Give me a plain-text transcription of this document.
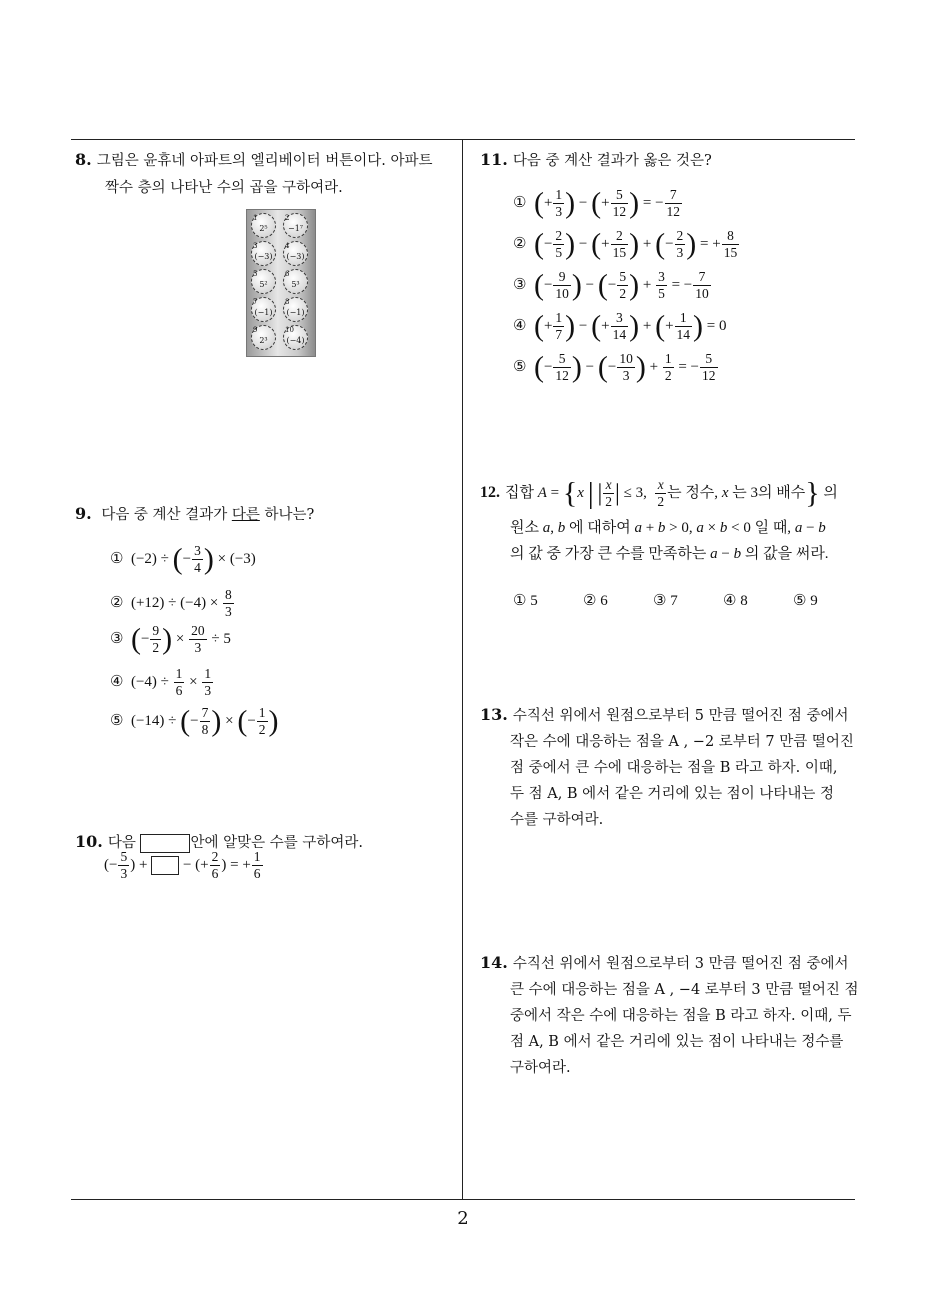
8. 그림은 윤휴네 아파트의 엘리베이터 버튼이다. 아파트
짝수 층의 나타난 수의 곱을 구하여라.
1
2⁵
2
−1⁷
3
(−3)
4
(−3)
5
5²
6
5³
7
(−1)
8
(−1)
9
2³
10
(−4)
9. 다음 중 계산 결과가 다른 하나는?
①  (−2) ÷ (− $\frac{3}{4}$ ) × (−3)
②  $(+12) \div (-4) \times \frac{8}{3}$
③ (− $\frac{9}{2}$ ) × $\frac{20}{3} \div 5$
④  $(-4) \div \frac{1}{6} \times \frac{1}{3}$
⑤  (−14) ÷ (− $\frac{7}{8}$ ) × (− $\frac{1}{2}$ )
10. 다음	안에 알맞은 수를 구하여라.
(− $\frac{5}{3}$ ) +  − (+ $\frac{2}{6}$ ) = + $\frac{1}{6}$
11. 다음 중 계산 결과가 옳은 것은?
① (+ $\frac{1}{3}$ ) − (+ $\frac{5}{12}$ ) = − $\frac{7}{12}$
② (− $\frac{2}{5}$ ) − (+ $\frac{2}{15}$ ) + (− $\frac{2}{3}$ ) = + $\frac{8}{15}$
③ (− $\frac{9}{10}$ ) − (− $\frac{5}{2}$ ) + $\frac{3}{5}$ = − $\frac{7}{10}$
④ (+ $\frac{1}{7}$ ) − (+ $\frac{3}{14}$ ) + (+ $\frac{1}{14}$ ) = 0
⑤ (− $\frac{5}{12}$ ) − (− $\frac{10}{3}$ ) + $\frac{1}{2}$ = − $\frac{5}{12}$
12. 집합 A = {x | | $\frac{x}{2}$ | ≤ 3, $\frac{x}{2}$ 는 정수, x 는 3의 배수} 의
원소 a, b 에 대하여 a + b > 0, a × b < 0 일 때, a − b
의 값 중 가장 큰 수를 만족하는 a − b 의 값을 써라.
① 5	② 6	③ 7	④ 8	⑤ 9
13. 수직선 위에서 원점으로부터 5 만큼 떨어진 점 중에서
작은 수에 대응하는 점을 A , −2 로부터 7 만큼 떨어진
점 중에서 큰 수에 대응하는 점을 B 라고 하자. 이때,
두 점 A, B 에서 같은 거리에 있는 점이 나타내는 정
수를 구하여라.
14. 수직선 위에서 원점으로부터 3 만큼 떨어진 점 중에서
큰 수에 대응하는 점을 A , −4 로부터 3 만큼 떨어진 점
중에서 작은 수에 대응하는 점을 B 라고 하자. 이때, 두
점 A, B 에서 같은 거리에 있는 점이 나타내는 정수를
구하여라.
2
